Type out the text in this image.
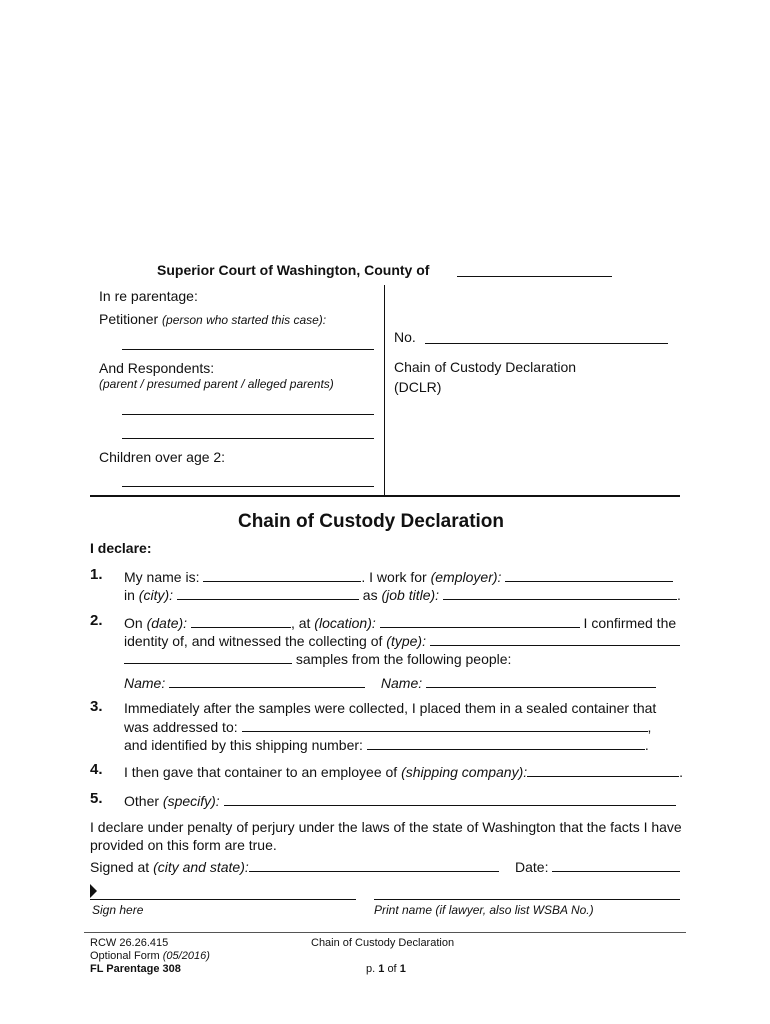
Superior Court of Washington, County of
In re parentage:
Petitioner (person who started this case):
And Respondents:
(parent / presumed parent / alleged parents)
Children over age 2:
No.
Chain of Custody Declaration
(DCLR)
Chain of Custody Declaration
I declare:
1. My name is:	. I work for (employer):
in (city):	as (job title):	.
2. On (date):	, at (location):	I confirmed the
identity of, and witnessed the collecting of (type):
samples from the following people:
Name:	Name:
3. Immediately after the samples were collected, I placed them in a sealed container that
was addressed to:	,
and identified by this shipping number:	.
4. I then gave that container to an employee of (shipping company):	.
5. Other (specify):
I declare under penalty of perjury under the laws of the state of Washington that the facts I have provided on this form are true.
Signed at (city and state):	Date:
Sign here	Print name (if lawyer, also list WSBA No.)
RCW 26.26.415
Optional Form (05/2016)
FL Parentage 308
Chain of Custody Declaration
p. 1 of 1
